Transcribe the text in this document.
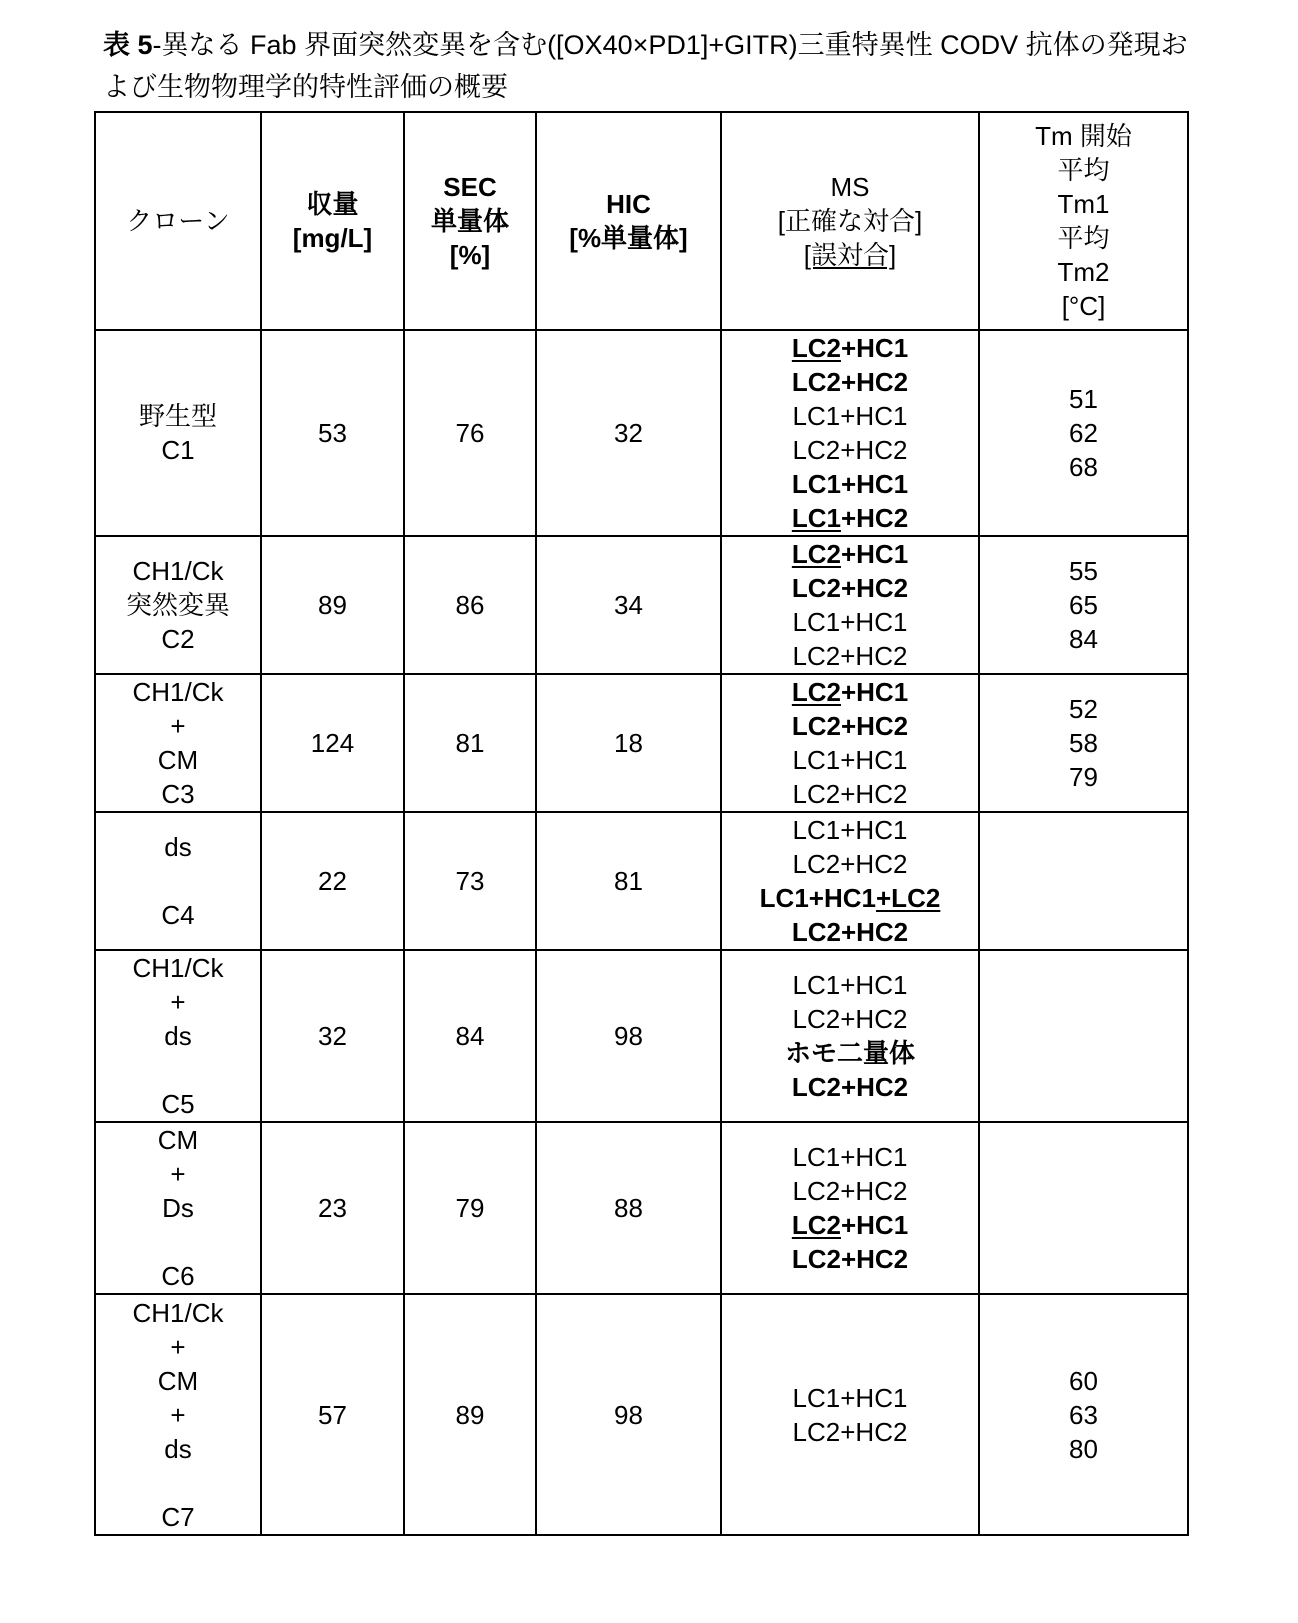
表 5-異なる Fab 界面突然変異を含む([OX40×PD1]+GITR)三重特異性 CODV 抗体の発現および生物物理学的特性評価の概要
クローン

収量
[mg/L]

SEC
単量体
[%]

HIC
[%単量体]

MS
[正確な対合]
[誤対合]

Tm 開始
平均
Tm1
平均
Tm2
[°C]

野生型
C1
	53	76	32	
LC2+HC1
LC2+HC2
LC1+HC1
LC2+HC2
LC1+HC1
LC1+HC2

51
62
68

CH1/Ck
突然変異
C2
	89	86	34	
LC2+HC1
LC2+HC2
LC1+HC1
LC2+HC2

55
65
84

CH1/Ck
+
CM
C3
	124	81	18	
LC2+HC1
LC2+HC2
LC1+HC1
LC2+HC2

52
58
79

ds

C4
	22	73	81	
LC1+HC1
LC2+HC2
LC1+HC1+LC2
LC2+HC2

CH1/Ck
+
ds

C5
	32	84	98	
LC1+HC1
LC2+HC2
ホモ二量体
LC2+HC2

CM
+
Ds

C6
	23	79	88	
LC1+HC1
LC2+HC2
LC2+HC1
LC2+HC2

CH1/Ck
+
CM
+
ds

C7
	57	89	98	
LC1+HC1
LC2+HC2

60
63
80
